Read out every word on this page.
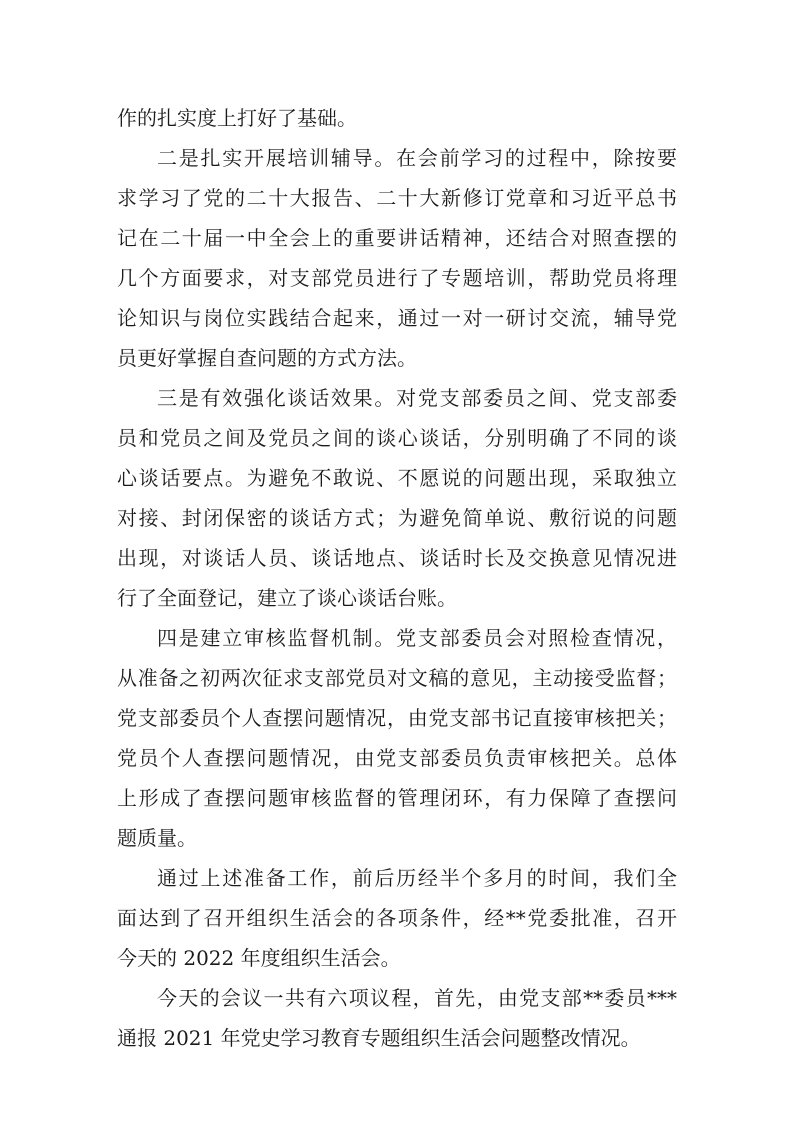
作的扎实度上打好了基础。
二是扎实开展培训辅导。在会前学习的过程中，除按要
求学习了党的二十大报告、二十大新修订党章和习近平总书
记在二十届一中全会上的重要讲话精神，还结合对照查摆的
几个方面要求，对支部党员进行了专题培训，帮助党员将理
论知识与岗位实践结合起来，通过一对一研讨交流，辅导党
员更好掌握自查问题的方式方法。
三是有效强化谈话效果。对党支部委员之间、党支部委
员和党员之间及党员之间的谈心谈话，分别明确了不同的谈
心谈话要点。为避免不敢说、不愿说的问题出现，采取独立
对接、封闭保密的谈话方式；为避免简单说、敷衍说的问题
出现，对谈话人员、谈话地点、谈话时长及交换意见情况进
行了全面登记，建立了谈心谈话台账。
四是建立审核监督机制。党支部委员会对照检查情况，
从准备之初两次征求支部党员对文稿的意见，主动接受监督；
党支部委员个人查摆问题情况，由党支部书记直接审核把关；
党员个人查摆问题情况，由党支部委员负责审核把关。总体
上形成了查摆问题审核监督的管理闭环，有力保障了查摆问
题质量。
通过上述准备工作，前后历经半个多月的时间，我们全
面达到了召开组织生活会的各项条件，经**党委批准，召开
今天的 2022 年度组织生活会。
今天的会议一共有六项议程，首先，由党支部**委员***
通报 2021 年党史学习教育专题组织生活会问题整改情况。
